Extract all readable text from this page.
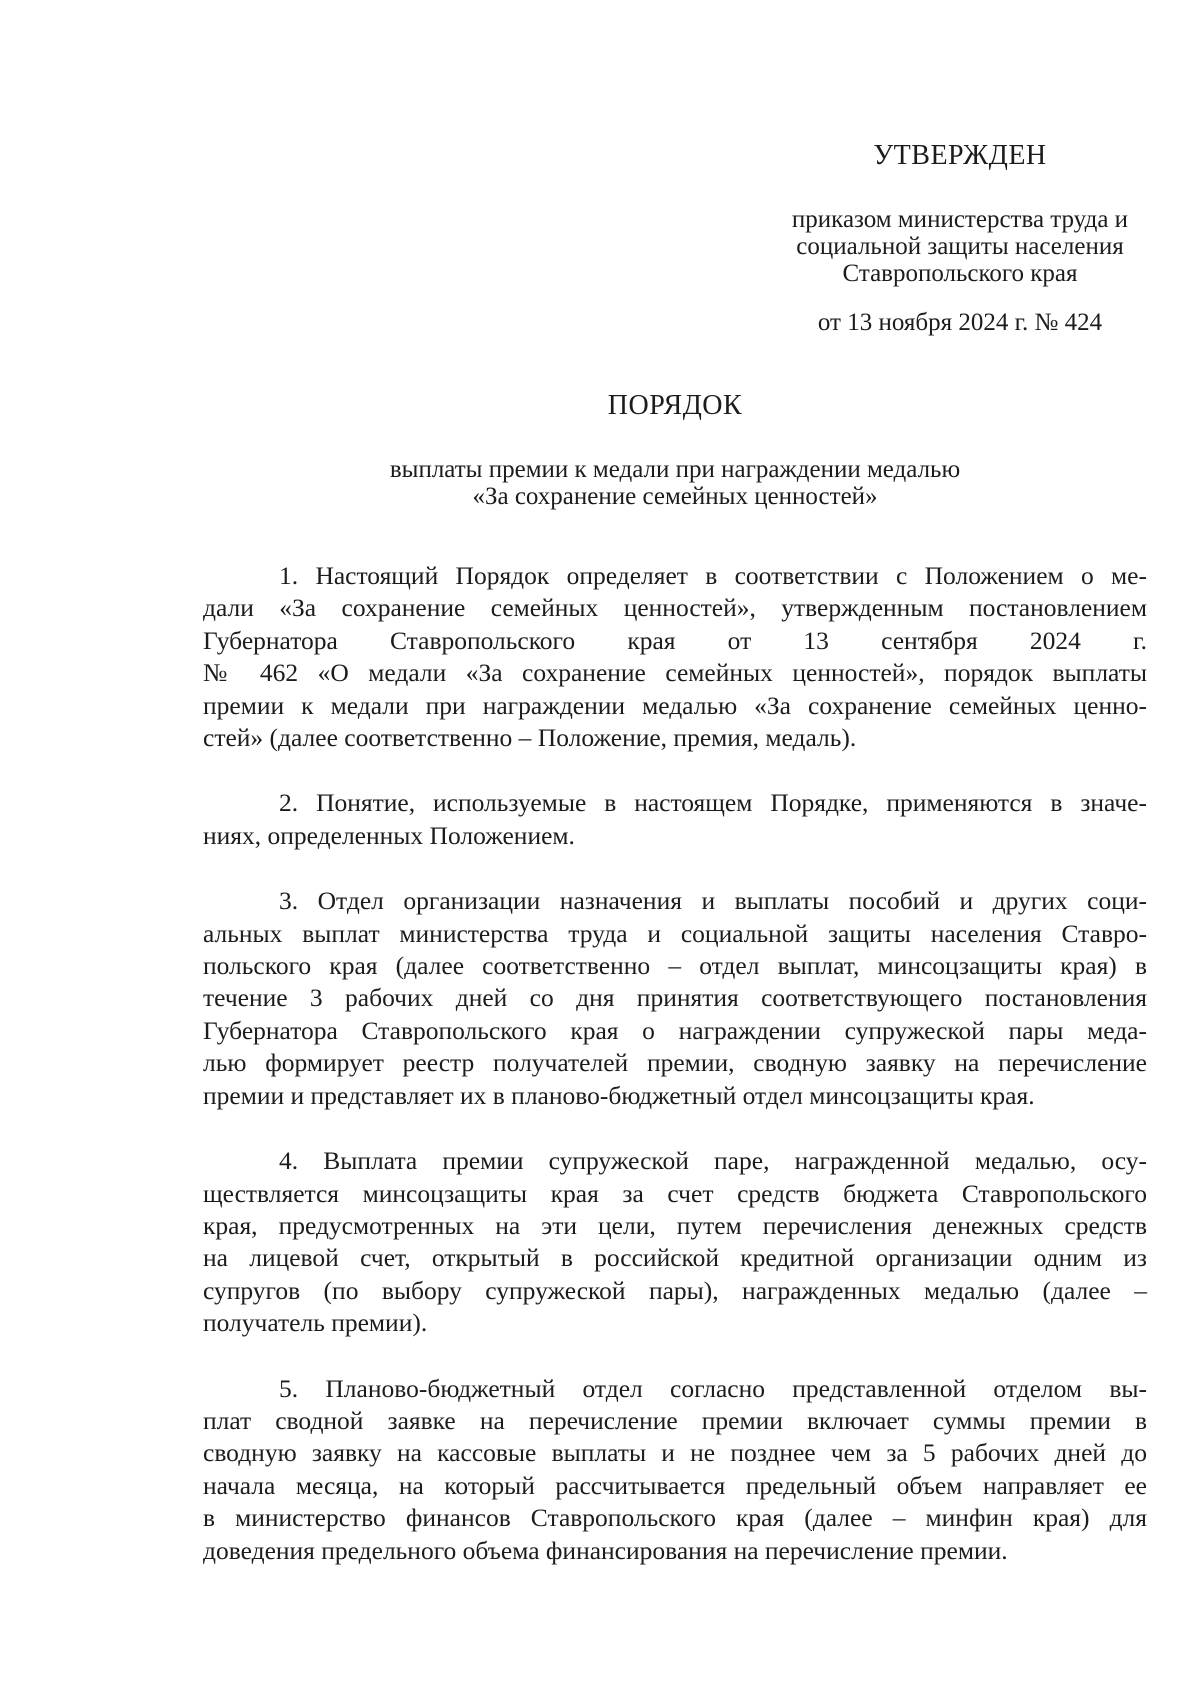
УТВЕРЖДЕН
приказом министерства труда и
социальной защиты населения
Ставропольского края
от 13 ноября 2024 г. № 424
ПОРЯДОК
выплаты премии к медали при награждении медалью
«За сохранение семейных ценностей»
1. Настоящий Порядок определяет в соответствии с Положением о ме-
дали «За сохранение семейных ценностей», утвержденным постановлением
Губернатора Ставропольского края от 13 сентября 2024 г.
№ 462 «О медали «За сохранение семейных ценностей», порядок выплаты
премии к медали при награждении медалью «За сохранение семейных ценно-
стей» (далее соответственно – Положение, премия, медаль).
2. Понятие, используемые в настоящем Порядке, применяются в значе-
ниях, определенных Положением.
3. Отдел организации назначения и выплаты пособий и других соци-
альных выплат министерства труда и социальной защиты населения Ставро-
польского края (далее соответственно – отдел выплат, минсоцзащиты края) в
течение 3 рабочих дней со дня принятия соответствующего постановления
Губернатора Ставропольского края о награждении супружеской пары меда-
лью формирует реестр получателей премии, сводную заявку на перечисление
премии и представляет их в планово-бюджетный отдел минсоцзащиты края.
4. Выплата премии супружеской паре, награжденной медалью, осу-
ществляется минсоцзащиты края за счет средств бюджета Ставропольского
края, предусмотренных на эти цели, путем перечисления денежных средств
на лицевой счет, открытый в российской кредитной организации одним из
супругов (по выбору супружеской пары), награжденных медалью (далее –
получатель премии).
5. Планово-бюджетный отдел согласно представленной отделом вы-
плат сводной заявке на перечисление премии включает суммы премии в
сводную заявку на кассовые выплаты и не позднее чем за 5 рабочих дней до
начала месяца, на который рассчитывается предельный объем направляет ее
в министерство финансов Ставропольского края (далее – минфин края) для
доведения предельного объема финансирования на перечисление премии.
